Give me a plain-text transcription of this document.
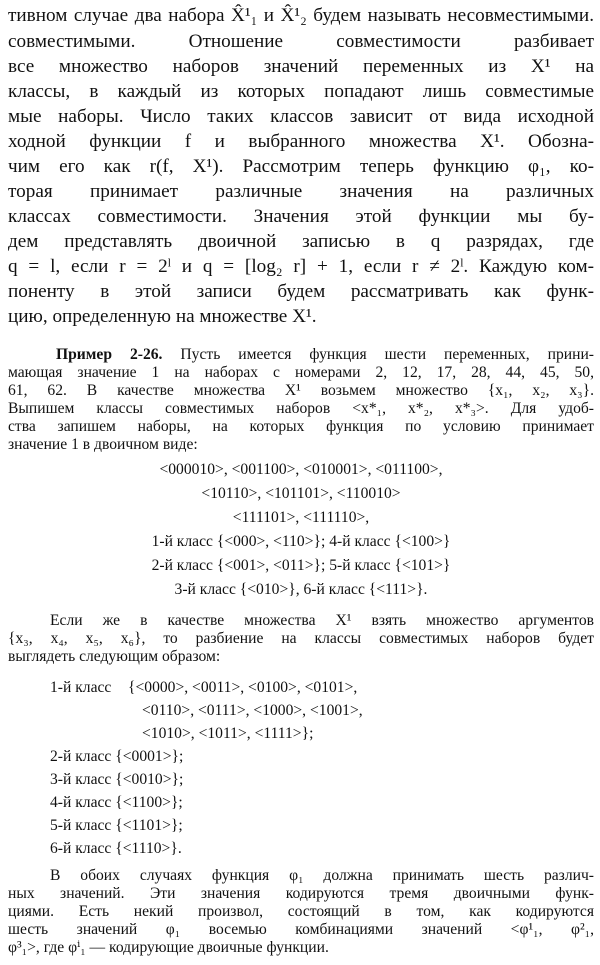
тивном случае два набора X̂¹₁ и X̂¹₂ будем называть несовместимыми.
совместимыми. Отношение совместимости разбивает
все множество наборов значений переменных из X¹ на
классы, в каждый из которых попадают лишь совместимые
мые наборы. Число таких классов зависит от вида исходной
ходной функции f и выбранного множества X¹. Обозна-
чим его как r(f, X¹). Рассмотрим теперь функцию φ₁, ко-
торая принимает различные значения на различных
классах совместимости. Значения этой функции мы бу-
дем представлять двоичной записью в q разрядах, где
q = l, если r = 2ˡ и q = [log₂ r] + 1, если r ≠ 2ˡ. Каждую ком-
поненту в этой записи будем рассматривать как функ-
цию, определенную на множестве X¹.
Пример 2-26. Пусть имеется функция шести переменных, прини-
мающая значение 1 на наборах с номерами 2, 12, 17, 28, 44, 45, 50,
61, 62. В качестве множества X¹ возьмем множество {x₁, x₂, x₃}.
Выпишем классы совместимых наборов <x*₁, x*₂, x*₃>. Для удоб-
ства запишем наборы, на которых функция по условию принимает
значение 1 в двоичном виде:
<000010>, <001100>, <010001>, <011100>,
<10110>, <101101>, <110010>
<111101>, <111110>,
1-й класс {<000>, <110>}; 4-й класс {<100>}
2-й класс {<001>, <011>}; 5-й класс {<101>}
3-й класс {<010>}, 6-й класс {<111>}.
Если же в качестве множества X¹ взять множество аргументов
{x₃, x₄, x₅, x₆}, то разбиение на классы совместимых наборов будет
выглядеть следующим образом:
1-й класс {<0000>, <0011>, <0100>, <0101>,
<0110>, <0111>, <1000>, <1001>,
<1010>, <1011>, <1111>};
2-й класс {<0001>};
3-й класс {<0010>};
4-й класс {<1100>};
5-й класс {<1101>};
6-й класс {<1110>}.
В обоих случаях функция φ₁ должна принимать шесть различ-
ных значений. Эти значения кодируются тремя двоичными функ-
циями. Есть некий произвол, состоящий в том, как кодируются
шесть значений φ₁ восемью комбинациями значений <φ¹₁, φ²₁,
φ³₁>, где φⁱ₁ — кодирующие двоичные функции.
